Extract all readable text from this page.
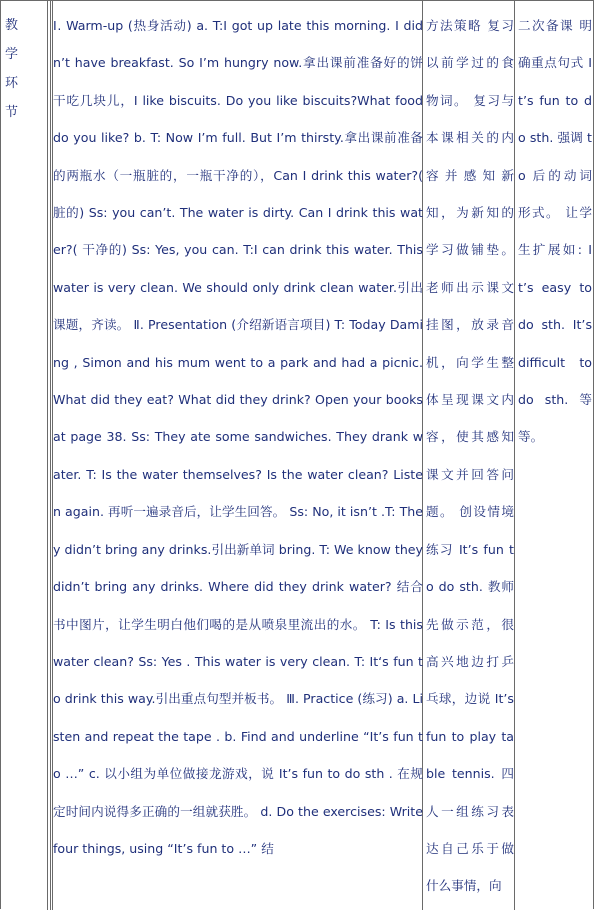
教
学
环
节
Ⅰ. Warm-up (热身活动) a. T:I got up late this morning. I didn’t have breakfast. So I’m hungry now.拿出课前准备好的饼干吃几块儿，I like biscuits. Do you like biscuits?What food do you like? b. T: Now I’m full. But I’m thirsty.拿出课前准备的两瓶水（一瓶脏的，一瓶干净的），Can I drink this water?( 脏的) Ss: you can’t. The water is dirty. Can I drink this water?( 干净的) Ss: Yes, you can. T:I can drink this water. This water is very clean. We should only drink clean water.引出课题，齐读。 Ⅱ. Presentation (介绍新语言项目) T: Today Daming , Simon and his mum went to a park and had a picnic. What did they eat? What did they drink? Open your books at page 38. Ss: They ate some sandwiches. They drank water. T: Is the water themselves? Is the water clean? Listen again. 再听一遍录音后，让学生回答。 Ss: No, it isn’t .T: They didn’t bring any drinks.引出新单词 bring. T: We know they didn’t bring any drinks. Where did they drink water? 结合书中图片，让学生明白他们喝的是从喷泉里流出的水。 T: Is this water clean? Ss: Yes . This water is very clean. T: It‘s fun to drink this way.引出重点句型并板书。 Ⅲ. Practice (练习) a. Listen and repeat the tape . b. Find and underline “It’s fun to …” c. 以小组为单位做接龙游戏，说 It’s fun to do sth . 在规定时间内说得多正确的一组就获胜。 d. Do the exercises: Write four things, using “It’s fun to …” 结
方法策略 复习以前学过的食物词。 复习与本课相关的内容并感知新知，为新知的学习做铺垫。 老师出示课文挂图，放录音机，向学生整体呈现课文内容，使其感知课文并回答问题。 创设情境练习 It’s fun to do sth. 教师先做示范，很高兴地边打乒乓球，边说 It’s fun to play table tennis. 四人一组练习表达自己乐于做什么事情，向
二次备课 明确重点句式 It’s fun to do sth. 强调 to 后的动词形式。 让学生扩展如: It’s easy to do sth. It’s difficult to do sth. 等等。
